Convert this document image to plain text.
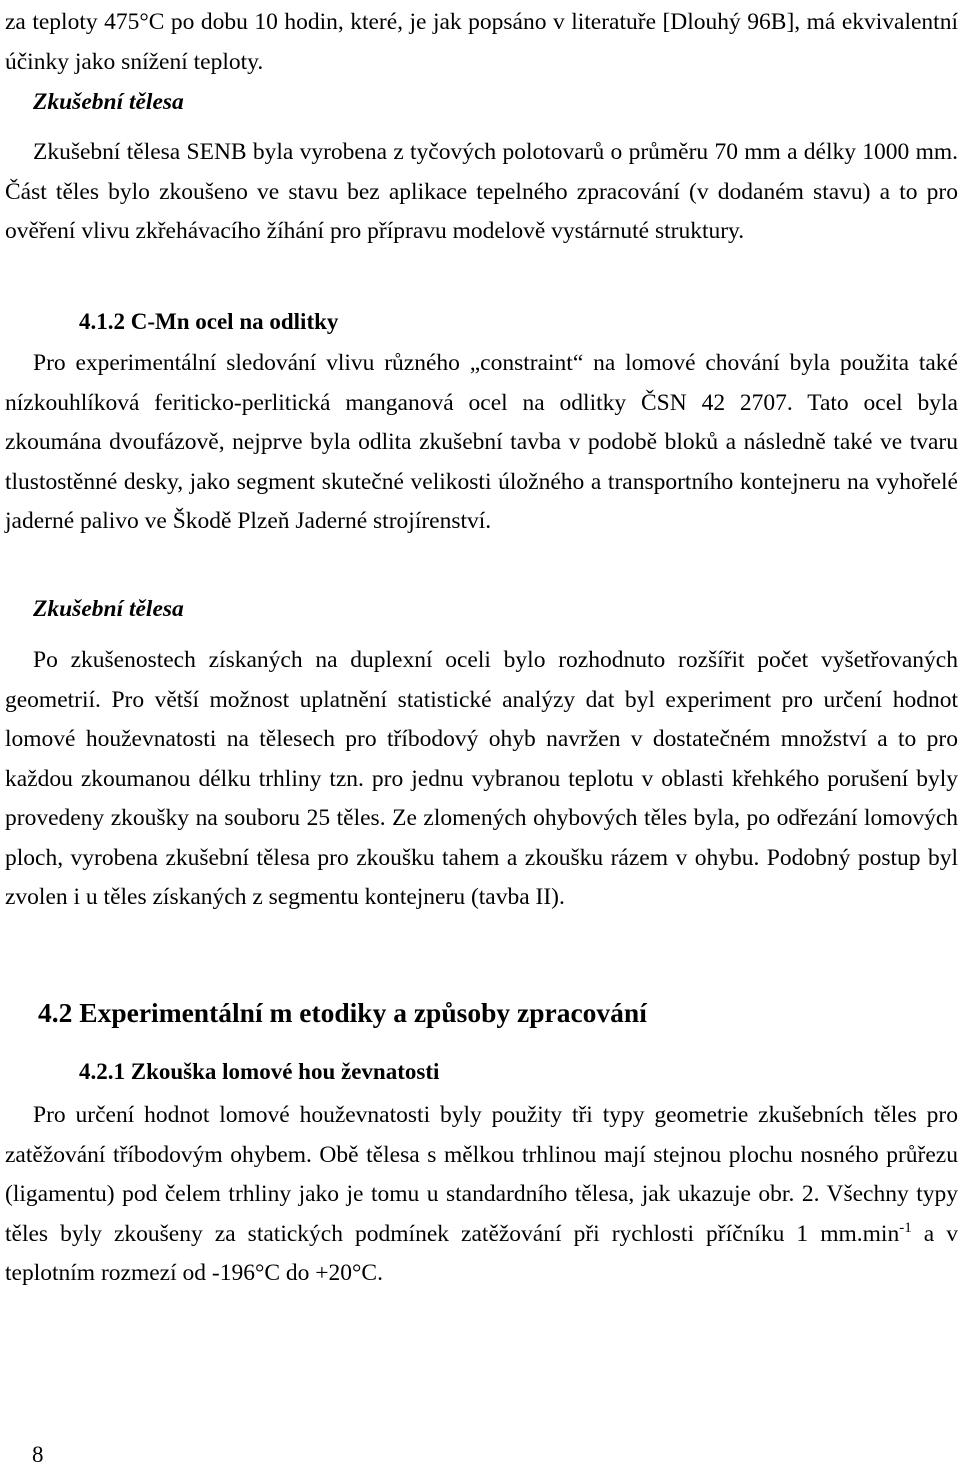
za teploty 475°C po dobu 10 hodin, které, je jak popsáno v literatuře [Dlouhý 96B], má ekvivalentní účinky jako snížení teploty.

Zkušební tělesa

Zkušební tělesa SENB byla vyrobena z tyčových polotovarů o průměru 70 mm a délky 1000 mm. Část těles bylo zkoušeno ve stavu bez aplikace tepelného zpracování (v dodaném stavu) a to pro ověření vlivu zkřehávacího žíhání pro přípravu modelově vystárnuté struktury.

4.1.2 C-Mn ocel na odlitky

Pro experimentální sledování vlivu různého „constraint“ na lomové chování byla použita také nízkouhlíková feriticko-perlitická manganová ocel na odlitky ČSN 42 2707. Tato ocel byla zkoumána dvoufázově, nejprve byla odlita zkušební tavba v podobě bloků a následně také ve tvaru tlustostěnné desky, jako segment skutečné velikosti úložného a transportního kontejneru na vyhořelé jaderné palivo ve Škodě Plzeň Jaderné strojírenství.

Zkušební tělesa

Po zkušenostech získaných na duplexní oceli bylo rozhodnuto rozšířit počet vyšetřovaných geometrií. Pro větší možnost uplatnění statistické analýzy dat byl experiment pro určení hodnot lomové houževnatosti na tělesech pro tříbodový ohyb navržen v dostatečném množství a to pro každou zkoumanou délku trhliny tzn. pro jednu vybranou teplotu v oblasti křehkého porušení byly provedeny zkoušky na souboru 25 těles. Ze zlomených ohybových těles byla, po odřezání lomových ploch, vyrobena zkušební tělesa pro zkoušku tahem a zkoušku rázem v ohybu. Podobný postup byl zvolen i u těles získaných z segmentu kontejneru (tavba II).

4.2 Experimentální m etodiky a způsoby zpracování
4.2.1 Zkouška lomové hou ževnatosti

Pro určení hodnot lomové houževnatosti byly použity tři typy geometrie zkušebních těles pro zatěžování tříbodovým ohybem. Obě tělesa s mělkou trhlinou mají stejnou plochu nosného průřezu (ligamentu) pod čelem trhliny jako je tomu u standardního tělesa, jak ukazuje obr. 2. Všechny typy těles byly zkoušeny za statických podmínek zatěžování při rychlosti příčníku 1 $mm.\min^{-1}$ a v teplotním rozmezí od -196°C do +20°C.

8
